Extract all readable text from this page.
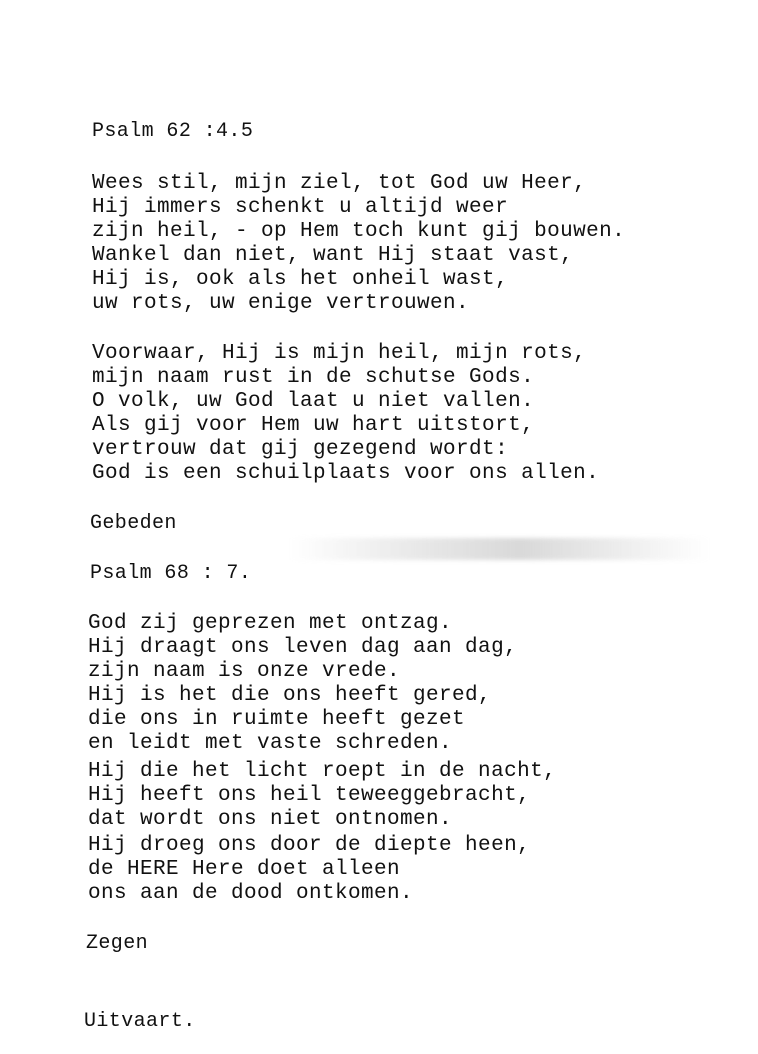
Psalm 62 :4.5
Wees stil, mijn ziel, tot God uw Heer,
Hij immers schenkt u altijd weer
zijn heil, - op Hem toch kunt gij bouwen.
Wankel dan niet, want Hij staat vast,
Hij is, ook als het onheil wast,
uw rots, uw enige vertrouwen.
Voorwaar, Hij is mijn heil, mijn rots,
mijn naam rust in de schutse Gods.
O volk, uw God laat u niet vallen.
Als gij voor Hem uw hart uitstort,
vertrouw dat gij gezegend wordt:
God is een schuilplaats voor ons allen.
Gebeden
Psalm 68 : 7.
God zij geprezen met ontzag.
Hij draagt ons leven dag aan dag,
zijn naam is onze vrede.
Hij is het die ons heeft gered,
die ons in ruimte heeft gezet
en leidt met vaste schreden.
Hij die het licht roept in de nacht,
Hij heeft ons heil teweeggebracht,
dat wordt ons niet ontnomen.
Hij droeg ons door de diepte heen,
de HERE Here doet alleen
ons aan de dood ontkomen.
Zegen
Uitvaart.
